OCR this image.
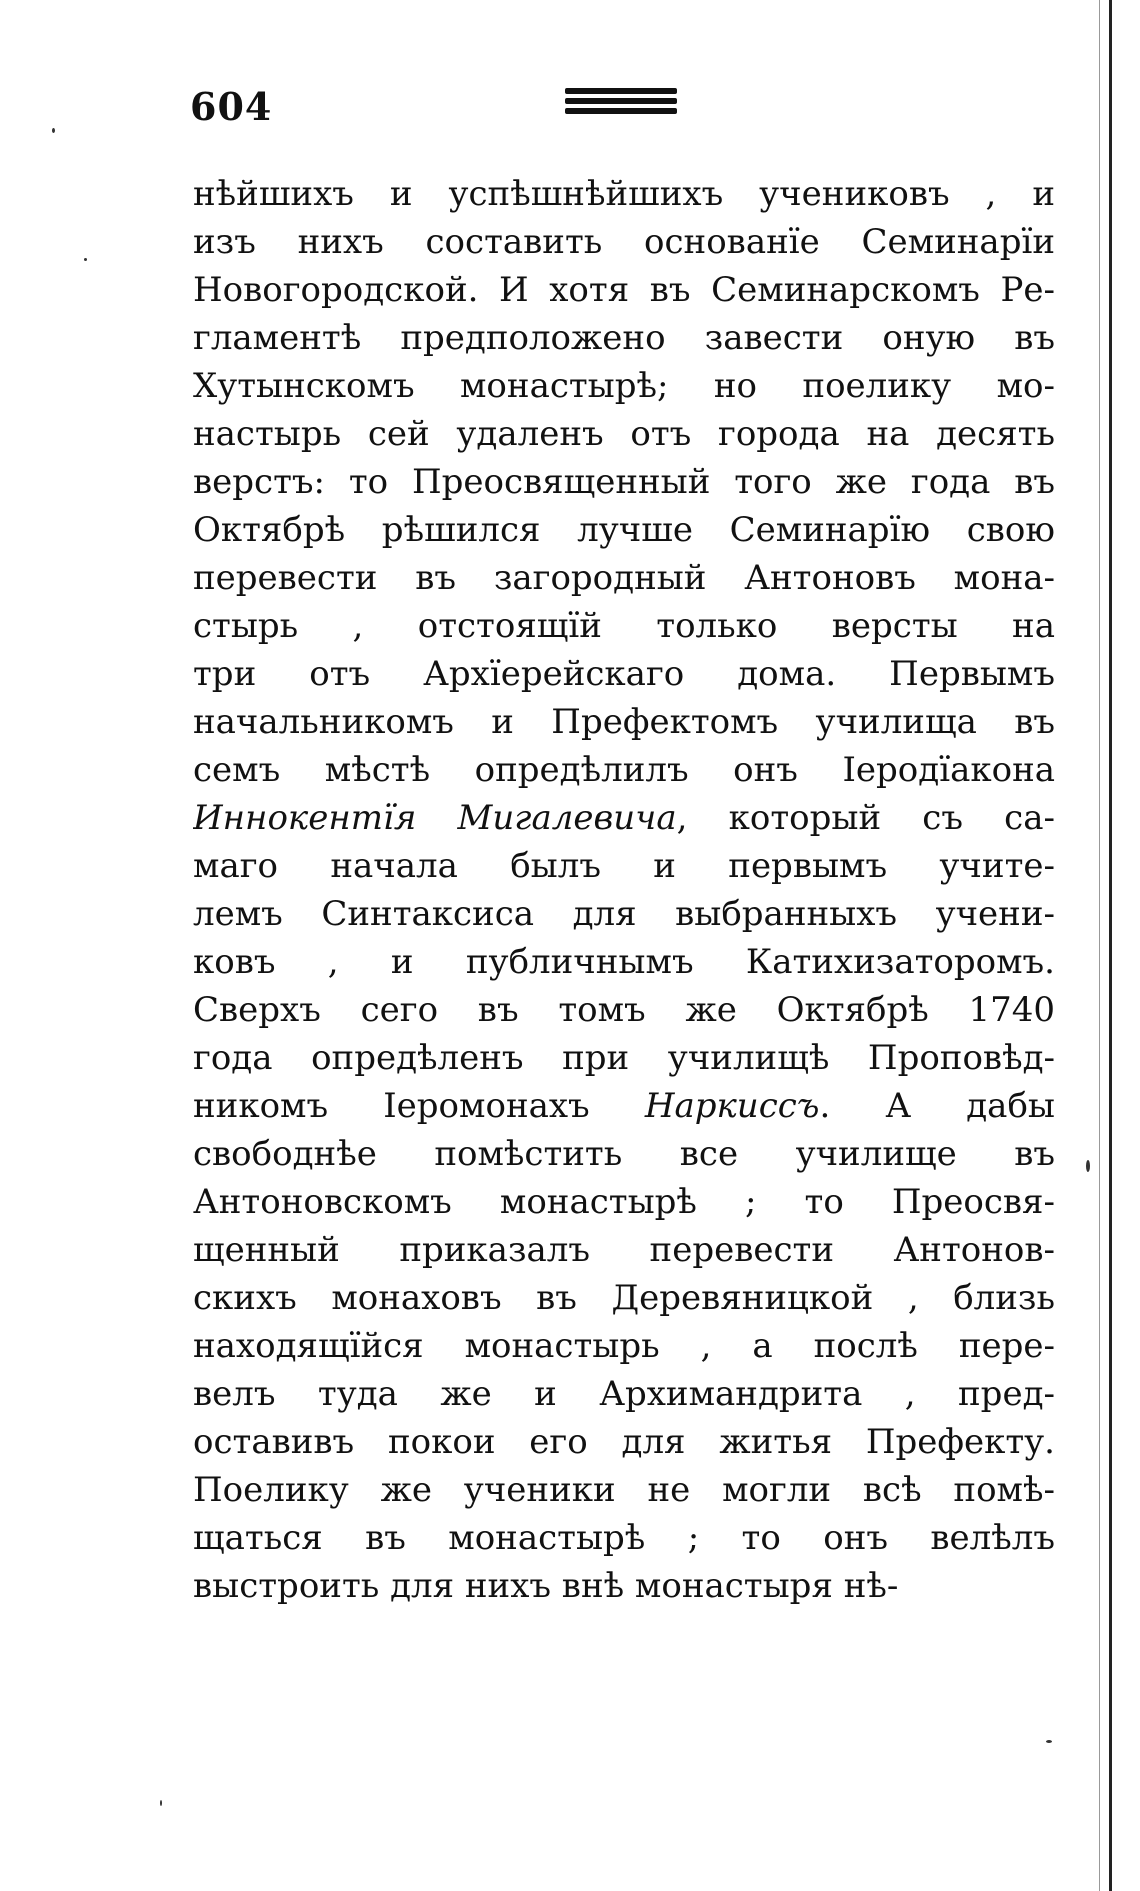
604
нѣйшихъ и успѣшнѣйшихъ учениковъ , и
изъ нихъ составить основанїе Семинарїи
Новогородской. И хотя въ Семинарскомъ Ре-
гламентѣ предположено завести оную въ
Хутынскомъ монастырѣ; но поелику мо-
настырь сей удаленъ отъ города на десять
верстъ: то Преосвященный того же года въ
Октябрѣ рѣшился лучше Семинарїю свою
перевести въ загородный Антоновъ мона-
стырь , отстоящїй только версты на
три отъ Архїерейскаго дома. Первымъ
начальникомъ и Префектомъ училища въ
семъ мѣстѣ опредѣлилъ онъ Іеродїакона
Иннокентїя Мигалевича, который съ са-
маго начала былъ и первымъ учите-
лемъ Синтаксиса для выбранныхъ учени-
ковъ , и публичнымъ Катихизаторомъ.
Сверхъ сего въ томъ же Октябрѣ 1740
года опредѣленъ при училищѣ Проповѣд-
никомъ Іеромонахъ Наркиссъ. А дабы
свободнѣе помѣстить все училище въ
Антоновскомъ монастырѣ ; то Преосвя-
щенный приказалъ перевести Антонов-
скихъ монаховъ въ Деревяницкой , близь
находящїйся монастырь , а послѣ пере-
велъ туда же и Архимандрита , пред-
оставивъ покои его для житья Префекту.
Поелику же ученики не могли всѣ помѣ-
щаться въ монастырѣ ; то онъ велѣлъ
выстроить для нихъ внѣ монастыря нѣ-
